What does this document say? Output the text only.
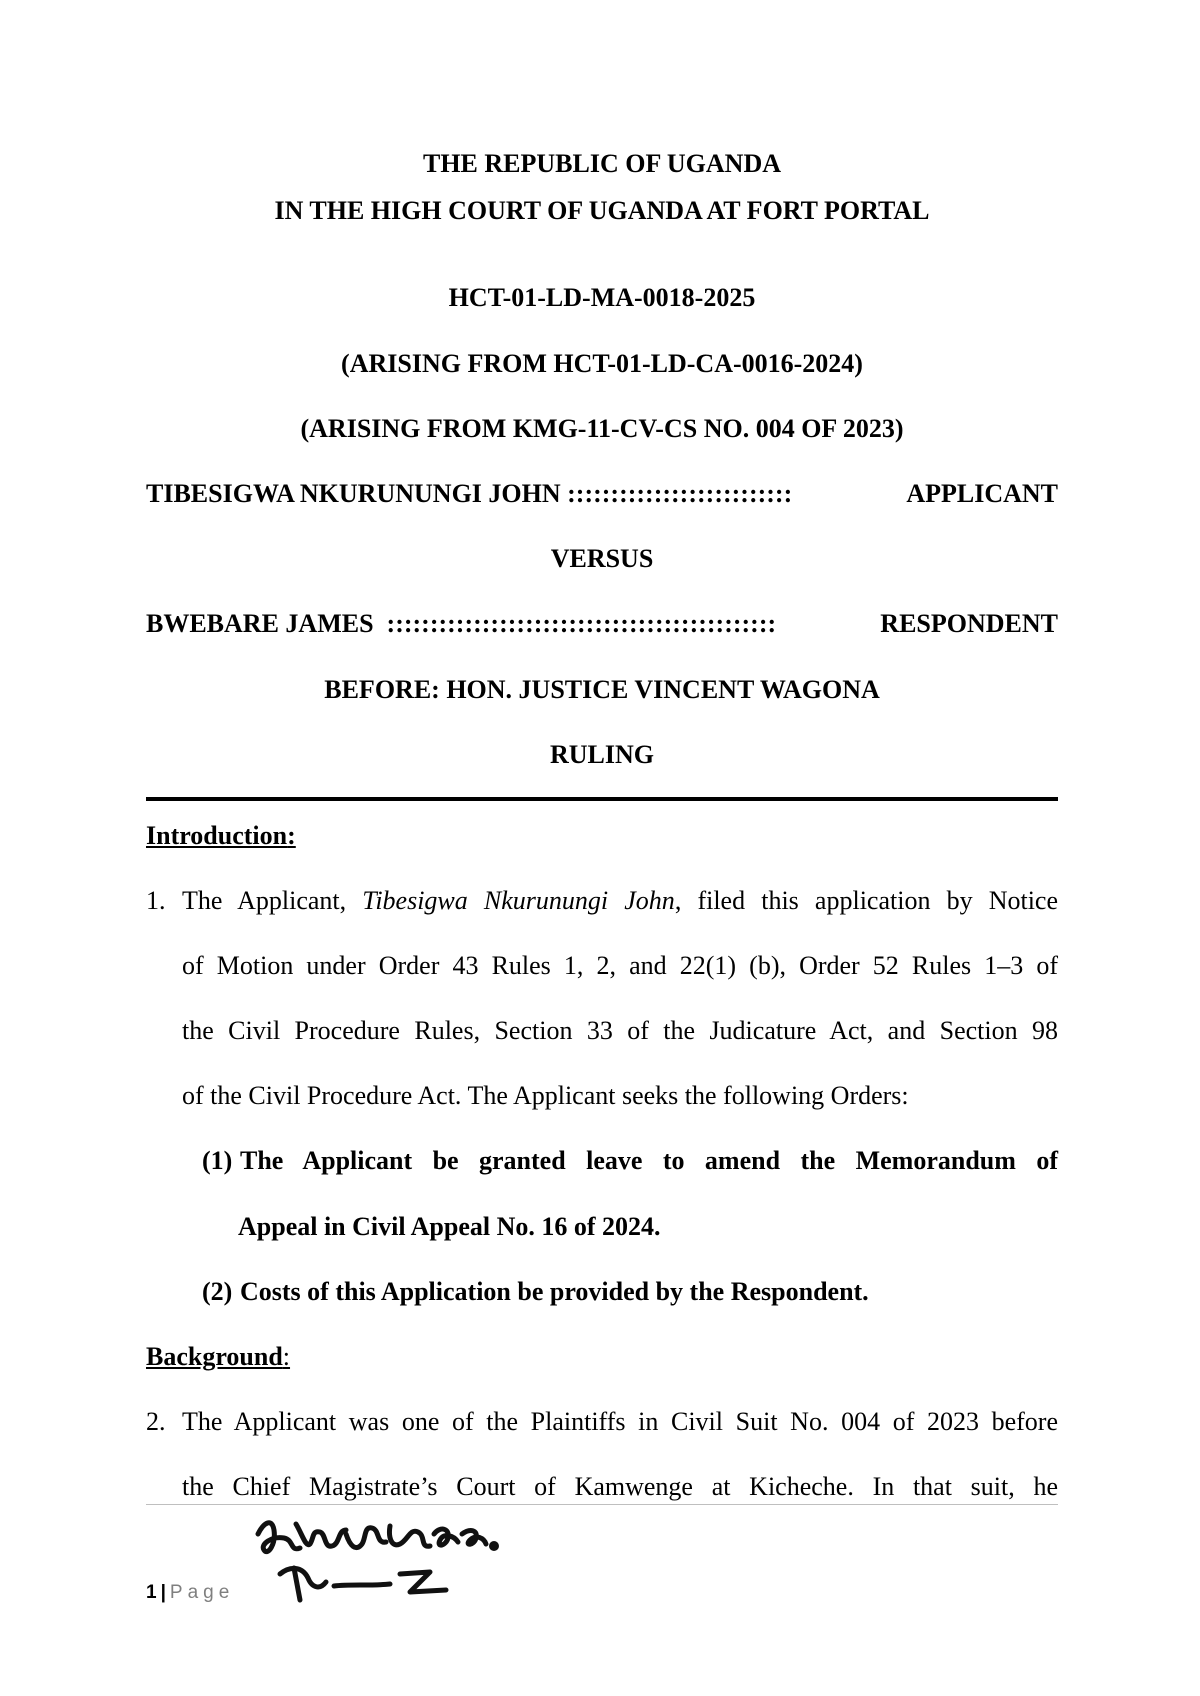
THE REPUBLIC OF UGANDA
IN THE HIGH COURT OF UGANDA AT FORT PORTAL
HCT-01-LD-MA-0018-2025
(ARISING FROM HCT-01-LD-CA-0016-2024)
(ARISING FROM KMG-11-CV-CS NO. 004 OF 2023)
TIBESIGWA NKURUNUNGI JOHN ::::::::::::::::::::::::::	APPLICANT
VERSUS
BWEBARE JAMES  :::::::::::::::::::::::::::::::::::::::::::::	RESPONDENT
BEFORE: HON. JUSTICE VINCENT WAGONA
RULING
Introduction:
1. The Applicant, Tibesigwa Nkurunungi John, filed this application by Notice
of Motion under Order 43 Rules 1, 2, and 22(1) (b), Order 52 Rules 1–3 of
the Civil Procedure Rules, Section 33 of the Judicature Act, and Section 98
of the Civil Procedure Act. The Applicant seeks the following Orders:
(1) The Applicant be granted leave to amend the Memorandum of
Appeal in Civil Appeal No. 16 of 2024.
(2) Costs of this Application be provided by the Respondent.
Background:
2. The Applicant was one of the Plaintiffs in Civil Suit No. 004 of 2023 before
the Chief Magistrate’s Court of Kamwenge at Kicheche. In that suit, he
1 | Page
